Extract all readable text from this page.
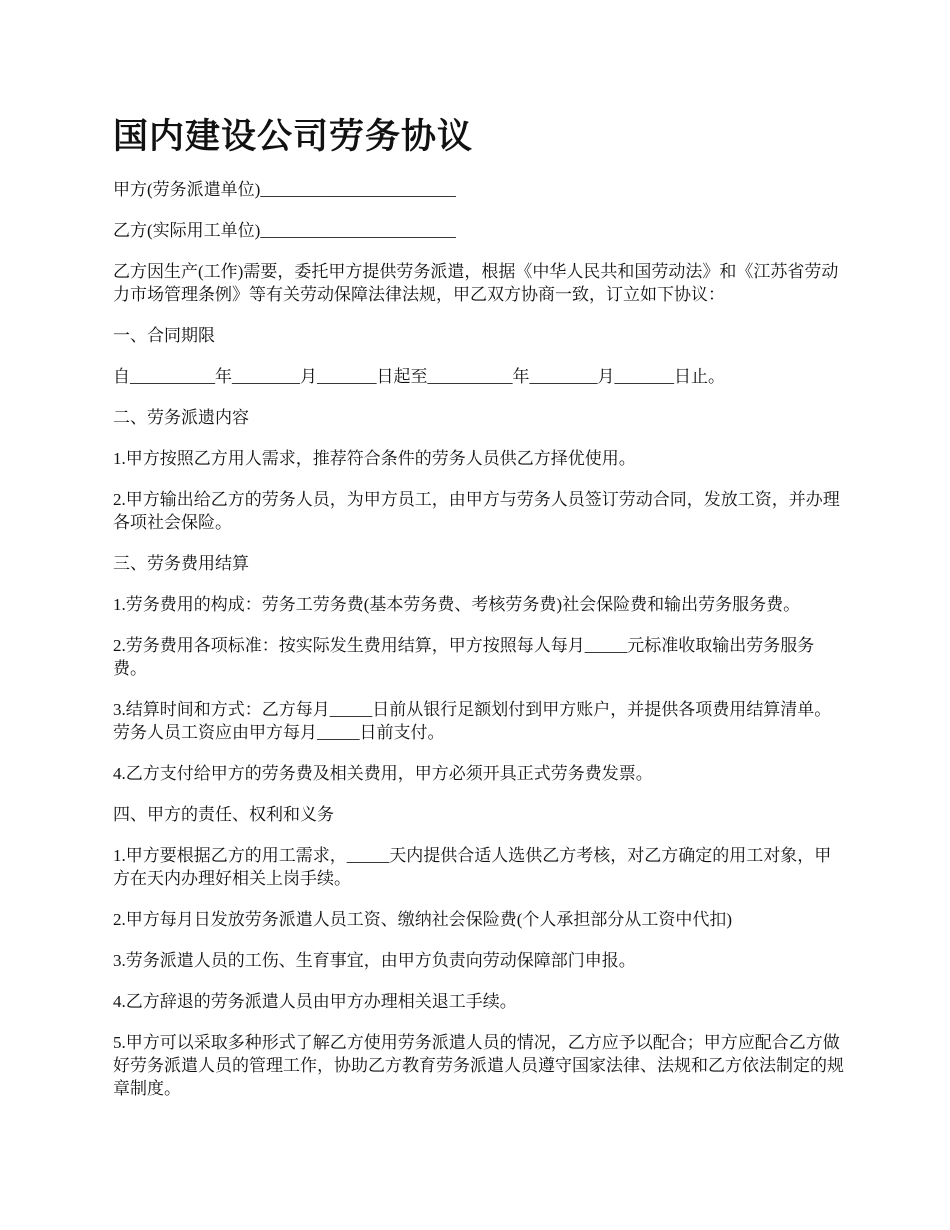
国内建设公司劳务协议

甲方(劳务派遣单位)_______________________

乙方(实际用工单位)_______________________

乙方因生产(工作)需要，委托甲方提供劳务派遣，根据《中华人民共和国劳动法》和《江苏省劳动力市场管理条例》等有关劳动保障法律法规，甲乙双方协商一致，订立如下协议：

一、合同期限

自__________年________月_______日起至__________年________月_______日止。

二、劳务派遗内容

1.甲方按照乙方用人需求，推荐符合条件的劳务人员供乙方择优使用。

2.甲方输出给乙方的劳务人员，为甲方员工，由甲方与劳务人员签订劳动合同，发放工资，并办理各项社会保险。

三、劳务费用结算

1.劳务费用的构成：劳务工劳务费(基本劳务费、考核劳务费)社会保险费和输出劳务服务费。

2.劳务费用各项标准：按实际发生费用结算，甲方按照每人每月_____元标准收取输出劳务服务费。

3.结算时间和方式：乙方每月_____日前从银行足额划付到甲方账户，并提供各项费用结算清单。劳务人员工资应由甲方每月_____日前支付。

4.乙方支付给甲方的劳务费及相关费用，甲方必须开具正式劳务费发票。

四、甲方的责任、权利和义务

1.甲方要根据乙方的用工需求，_____天内提供合适人选供乙方考核，对乙方确定的用工对象，甲方在天内办理好相关上岗手续。

2.甲方每月日发放劳务派遣人员工资、缴纳社会保险费(个人承担部分从工资中代扣)

3.劳务派遣人员的工伤、生育事宜，由甲方负责向劳动保障部门申报。

4.乙方辞退的劳务派遣人员由甲方办理相关退工手续。

5.甲方可以采取多种形式了解乙方使用劳务派遣人员的情况，乙方应予以配合；甲方应配合乙方做好劳务派遣人员的管理工作，协助乙方教育劳务派遣人员遵守国家法律、法规和乙方依法制定的规章制度。
